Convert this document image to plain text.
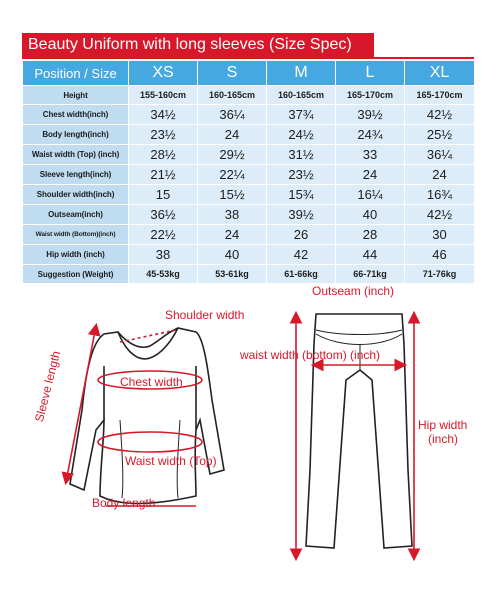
Beauty Uniform with long sleeves (Size Spec)
Position / Size	XS	S	M	L	XL
Height	155-160cm	160-165cm	160-165cm	165-170cm	165-170cm
Chest width(inch)	34½	36¼	37¾	39½	42½
Body length(inch)	23½	24	24½	24¾	25½
Waist width (Top) (inch)	28½	29½	31½	33	36¼
Sleeve length(inch)	21½	22¼	23½	24	24
Shoulder width(inch)	15	15½	15¾	16¼	16¾
Outseam(inch)	36½	38	39½	40	42½
Waist width (Bottom)(inch)	22½	24	26	28	30
Hip width (inch)	38	40	42	44	46
Suggestion (Weight)	45-53kg	53-61kg	61-66kg	66-71kg	71-76kg
Shoulder width
Sleeve length	Chest width
Waist width (Top)
Body length
Outseam (inch)
waist width (bottom) (inch)
Hip width
(inch)
